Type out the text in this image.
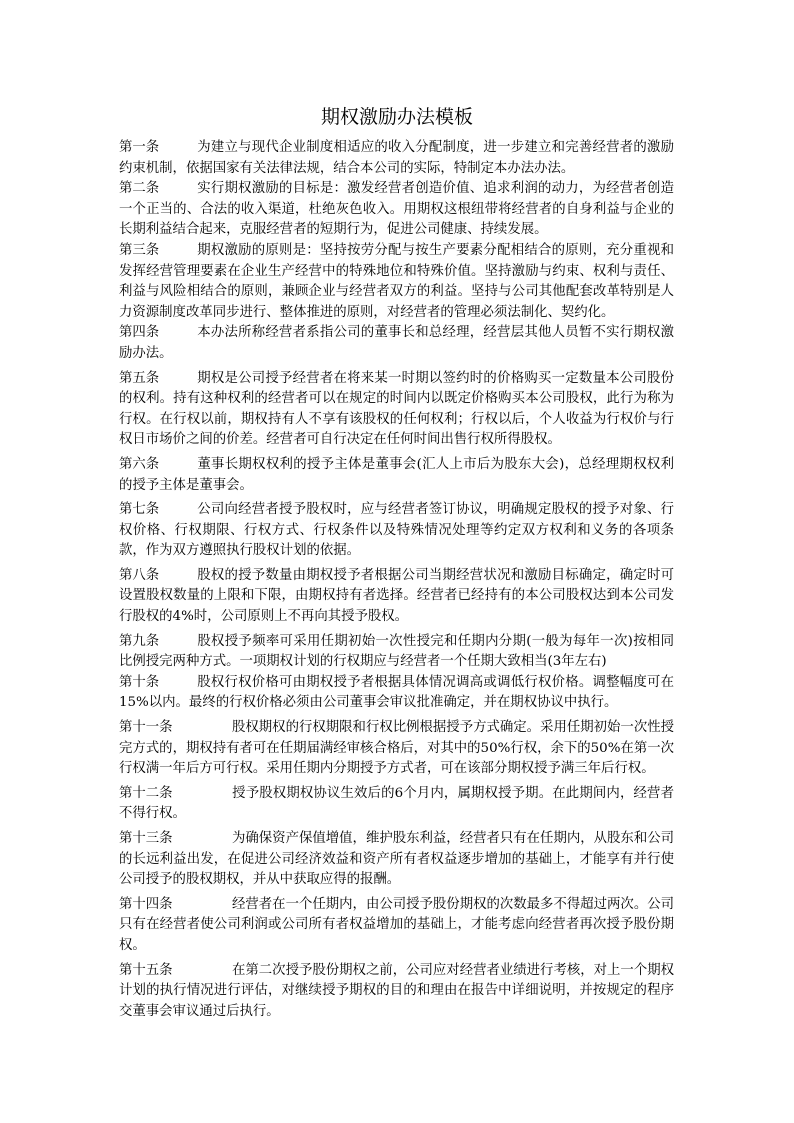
期权激励办法模板

第一条	为建立与现代企业制度相适应的收入分配制度，进一步建立和完善经营者的激励约束机制，依据国家有关法律法规，结合本公司的实际，特制定本办法办法。

第二条	实行期权激励的目标是：激发经营者创造价值、追求利润的动力，为经营者创造一个正当的、合法的收入渠道，杜绝灰色收入。用期权这根纽带将经营者的自身利益与企业的长期利益结合起来，克服经营者的短期行为，促进公司健康、持续发展。

第三条	期权激励的原则是：坚持按劳分配与按生产要素分配相结合的原则，充分重视和发挥经营管理要素在企业生产经营中的特殊地位和特殊价值。坚持激励与约束、权利与责任、利益与风险相结合的原则，兼顾企业与经营者双方的利益。坚持与公司其他配套改革特别是人力资源制度改革同步进行、整体推进的原则，对经营者的管理必须法制化、契约化。

第四条	本办法所称经营者系指公司的董事长和总经理，经营层其他人员暂不实行期权激励办法。

第五条	期权是公司授予经营者在将来某一时期以签约时的价格购买一定数量本公司股份的权利。持有这种权利的经营者可以在规定的时间内以既定价格购买本公司股权，此行为称为行权。在行权以前，期权持有人不享有该股权的任何权利；行权以后，个人收益为行权价与行权日市场价之间的价差。经营者可自行决定在任何时间出售行权所得股权。

第六条	董事长期权权利的授予主体是董事会(汇人上市后为股东大会)，总经理期权权利的授予主体是董事会。

第七条	公司向经营者授予股权时，应与经营者签订协议，明确规定股权的授予对象、行权价格、行权期限、行权方式、行权条件以及特殊情况处理等约定双方权利和义务的各项条款，作为双方遵照执行股权计划的依据。

第八条	股权的授予数量由期权授予者根据公司当期经营状况和激励目标确定，确定时可设置股权数量的上限和下限，由期权持有者选择。经营者已经持有的本公司股权达到本公司发行股权的4%时，公司原则上不再向其授予股权。

第九条	股权授予频率可采用任期初始一次性授完和任期内分期(一般为每年一次)按相同比例授完两种方式。一项期权计划的行权期应与经营者一个任期大致相当(3年左右)

第十条	股权行权价格可由期权授予者根据具体情况调高或调低行权价格。调整幅度可在15%以内。最终的行权价格必须由公司董事会审议批准确定，并在期权协议中执行。

第十一条	股权期权的行权期限和行权比例根据授予方式确定。采用任期初始一次性授完方式的，期权持有者可在任期届满经审核合格后，对其中的50%行权，余下的50%在第一次行权满一年后方可行权。采用任期内分期授予方式者，可在该部分期权授予满三年后行权。

第十二条	授予股权期权协议生效后的6个月内，属期权授予期。在此期间内，经营者不得行权。

第十三条	为确保资产保值增值，维护股东利益，经营者只有在任期内，从股东和公司的长远利益出发，在促进公司经济效益和资产所有者权益逐步增加的基础上，才能享有并行使公司授予的股权期权，并从中获取应得的报酬。

第十四条	经营者在一个任期内，由公司授予股份期权的次数最多不得超过两次。公司只有在经营者使公司利润或公司所有者权益增加的基础上，才能考虑向经营者再次授予股份期权。

第十五条	在第二次授予股份期权之前，公司应对经营者业绩进行考核，对上一个期权计划的执行情况进行评估，对继续授予期权的目的和理由在报告中详细说明，并按规定的程序交董事会审议通过后执行。
